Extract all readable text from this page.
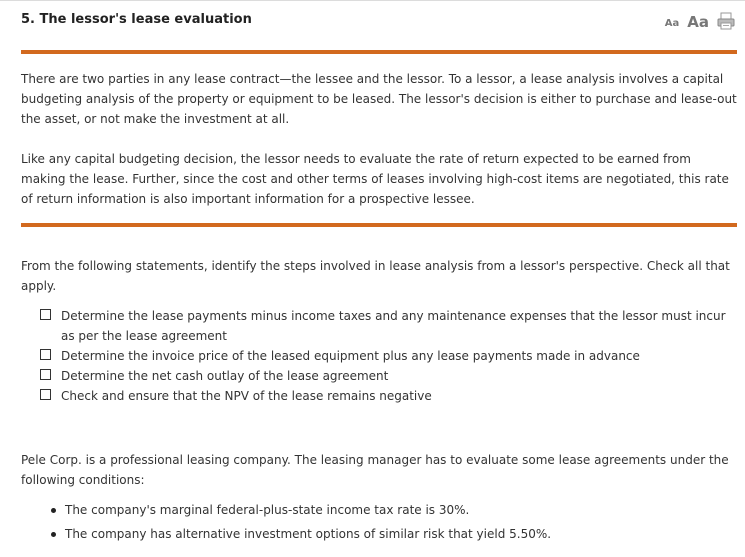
5. The lessor's lease evaluation	Aa Aa

There are two parties in any lease contract—the lessee and the lessor. To a lessor, a lease analysis involves a capital budgeting analysis of the property or equipment to be leased. The lessor's decision is either to purchase and lease-out the asset, or not make the investment at all.

Like any capital budgeting decision, the lessor needs to evaluate the rate of return expected to be earned from making the lease. Further, since the cost and other terms of leases involving high-cost items are negotiated, this rate of return information is also important information for a prospective lessee.

From the following statements, identify the steps involved in lease analysis from a lessor's perspective. Check all that apply.

Determine the lease payments minus income taxes and any maintenance expenses that the lessor must incur as per the lease agreement
Determine the invoice price of the leased equipment plus any lease payments made in advance
Determine the net cash outlay of the lease agreement
Check and ensure that the NPV of the lease remains negative

Pele Corp. is a professional leasing company. The leasing manager has to evaluate some lease agreements under the following conditions:

The company's marginal federal-plus-state income tax rate is 30%.
The company has alternative investment options of similar risk that yield 5.50%.
